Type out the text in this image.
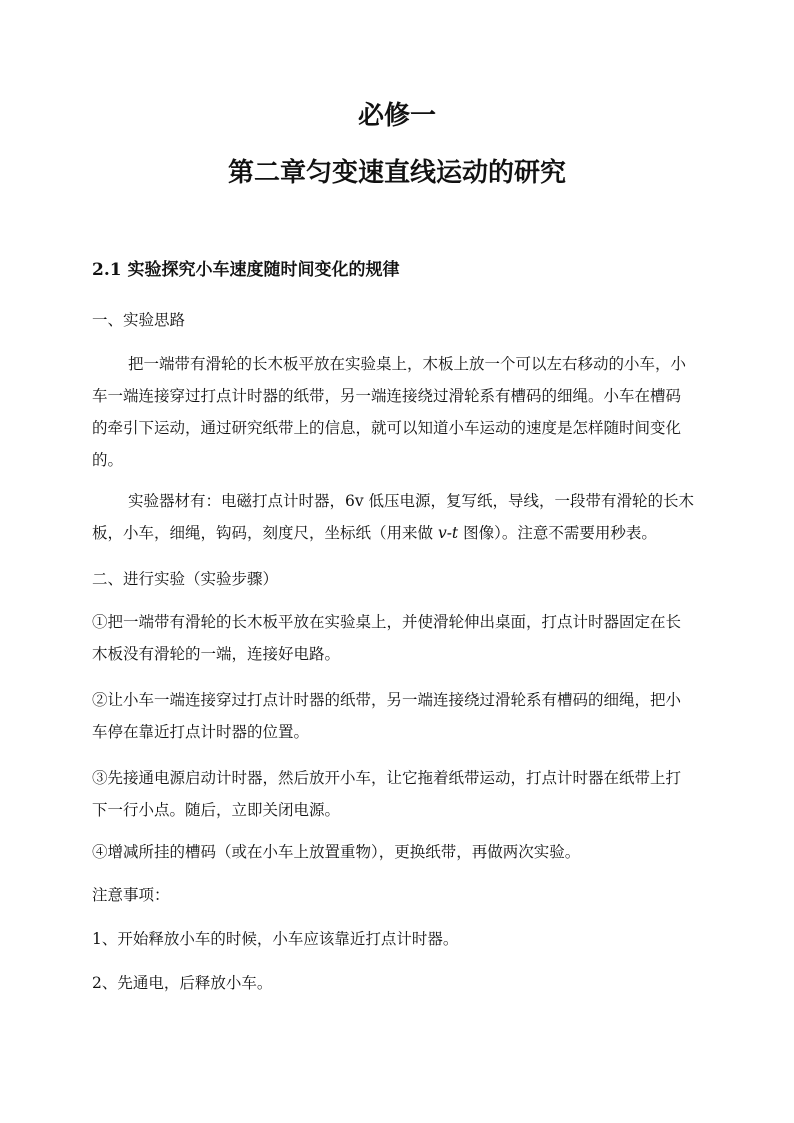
必修一
第二章匀变速直线运动的研究
2.1 实验探究小车速度随时间变化的规律
一、实验思路
把一端带有滑轮的长木板平放在实验桌上，木板上放一个可以左右移动的小车，小
车一端连接穿过打点计时器的纸带，另一端连接绕过滑轮系有槽码的细绳。小车在槽码
的牵引下运动，通过研究纸带上的信息，就可以知道小车运动的速度是怎样随时间变化
的。
实验器材有：电磁打点计时器，6v 低压电源，复写纸，导线，一段带有滑轮的长木
板，小车，细绳，钩码，刻度尺，坐标纸（用来做 v-t 图像）。注意不需要用秒表。
二、进行实验（实验步骤）
①把一端带有滑轮的长木板平放在实验桌上，并使滑轮伸出桌面，打点计时器固定在长
木板没有滑轮的一端，连接好电路。
②让小车一端连接穿过打点计时器的纸带，另一端连接绕过滑轮系有槽码的细绳，把小
车停在靠近打点计时器的位置。
③先接通电源启动计时器，然后放开小车，让它拖着纸带运动，打点计时器在纸带上打
下一行小点。随后，立即关闭电源。
④增减所挂的槽码（或在小车上放置重物），更换纸带，再做两次实验。
注意事项：
1、开始释放小车的时候，小车应该靠近打点计时器。
2、先通电，后释放小车。
